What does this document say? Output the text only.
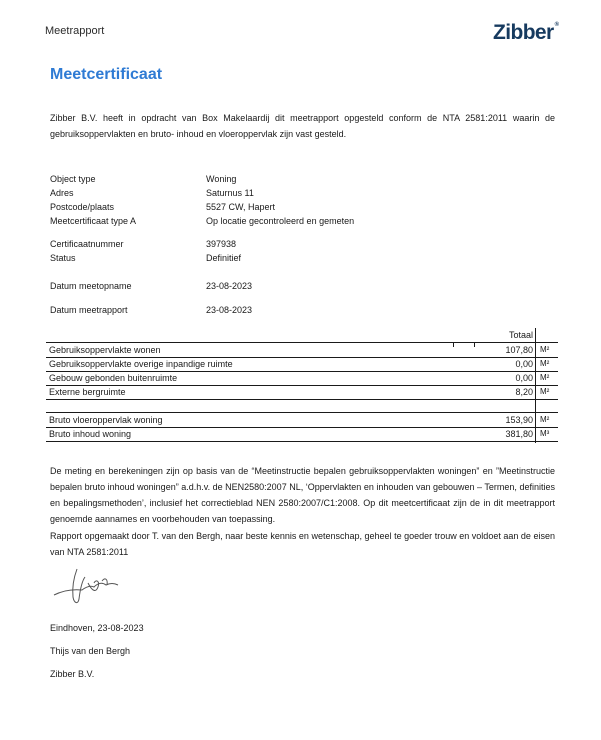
Meetrapport	Zibber®
Meetcertificaat
Zibber B.V. heeft in opdracht van Box Makelaardij dit meetrapport opgesteld conform de NTA 2581:2011 waarin de gebruiksoppervlakten en bruto- inhoud en vloeroppervlak zijn vast gesteld.
Object type	Woning
Adres	Saturnus 11
Postcode/plaats	5527 CW, Hapert
Meetcertificaat type A	Op locatie gecontroleerd en gemeten
Certificaatnummer	397938
Status	Definitief
Datum meetopname	23-08-2023
Datum meetrapport	23-08-2023
Totaal
Gebruiksoppervlakte wonen	107,80 M²
Gebruiksoppervlakte overige inpandige ruimte	0,00 M²
Gebouw gebonden buitenruimte	0,00 M²
Externe bergruimte	8,20 M²
Bruto vloeroppervlak woning	153,90 M²
Bruto inhoud woning	381,80 M³
De meting en berekeningen zijn op basis van de “Meetinstructie bepalen gebruiksoppervlakten woningen” en ”Meetinstructie bepalen bruto inhoud woningen” a.d.h.v. de NEN2580:2007 NL, ‘Oppervlakten en inhouden van gebouwen – Termen, definities en bepalingsmethoden’, inclusief het correctieblad NEN 2580:2007/C1:2008. Op dit meetcertificaat zijn de in dit meetrapport genoemde aannames en voorbehouden van toepassing.
Rapport opgemaakt door T. van den Bergh, naar beste kennis en wetenschap, geheel te goeder trouw en voldoet aan de eisen van NTA 2581:2011
Eindhoven, 23-08-2023
Thijs van den Bergh
Zibber B.V.
